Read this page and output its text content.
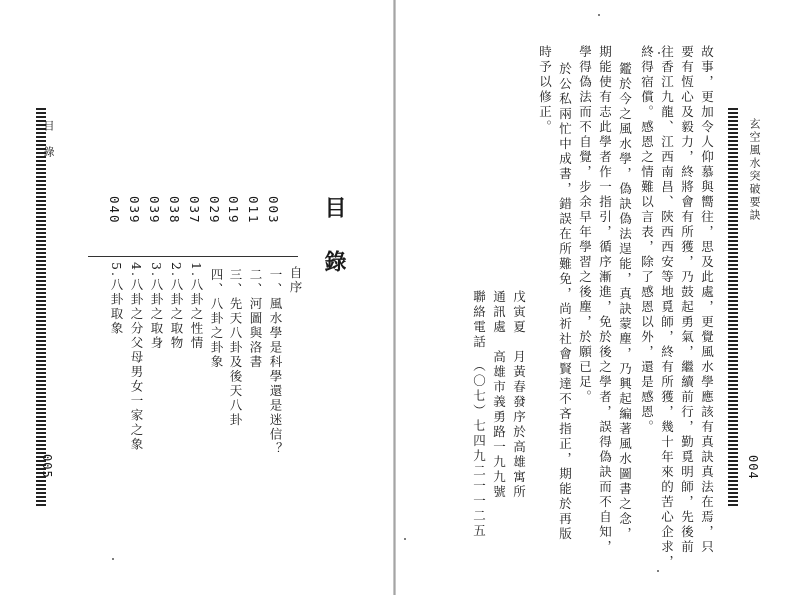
目　錄
005
目
錄
自序
003
一、風水學是科學還是迷信？
011
二、河圖與洛書
019
三、先天八卦及後天八卦
029
四、八卦之卦象
037
1.八卦之性情
038
2.八卦之取物
039
3.八卦之取身
039
4.八卦之分父母男女一家之象
040
5.八卦取象
玄空風水突破要訣
004
故事，更加令人仰慕與嚮往，思及此處，更覺風水學應該有真訣真法在焉，只
要有恆心及毅力，終將會有所獲，乃鼓起勇氣，繼續前行，勤覓明師，先後前
往香江九龍、江西南昌、陝西西安等地覓師，終有所獲，幾十年來的苦心企求，
終得宿償。感恩之情難以言表，除了感恩以外，還是感恩。
鑑於今之風水學，偽訣偽法逞能，真訣蒙塵，乃興起編著風水圖書之念，
期能使有志此學者作一指引，循序漸進，免於後之學者，誤得偽訣而不自知，
學得偽法而不自覺，步余早年學習之後塵，於願已足。
於公私兩忙中成書，錯誤在所難免，尚祈社會賢達不吝指正，期能於再版
時予以修正。
戊寅夏　月黃春發序於高雄寓所
通訊處　高雄市義勇路一九九號
聯絡電話　（〇七）七四九二一一二五
